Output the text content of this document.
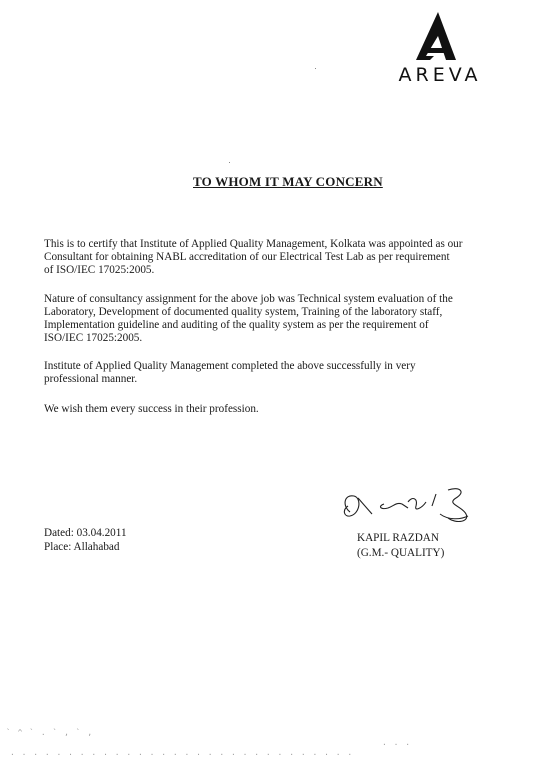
AREVA
TO WHOM IT MAY CONCERN
This is to certify that Institute of Applied Quality Management, Kolkata was appointed as our
Consultant for obtaining NABL accreditation of our Electrical Test Lab as per requirement
of ISO/IEC 17025:2005.
Nature of consultancy assignment for the above job was Technical system evaluation of the
Laboratory, Development of documented quality system, Training of the laboratory staff,
Implementation guideline and auditing of the quality system as per the requirement of
ISO/IEC 17025:2005.
Institute of Applied Quality Management completed the above successfully in very
professional manner.
We wish them every success in their profession.
Dated: 03.04.2011
Place: Allahabad
KAPIL RAZDAN
(G.M.- QUALITY)
` ^ ` . ` ‚ ` ,
· · · · · · · · · · · · · · · · · · · · · · · · · · · · · ·
· · ·
